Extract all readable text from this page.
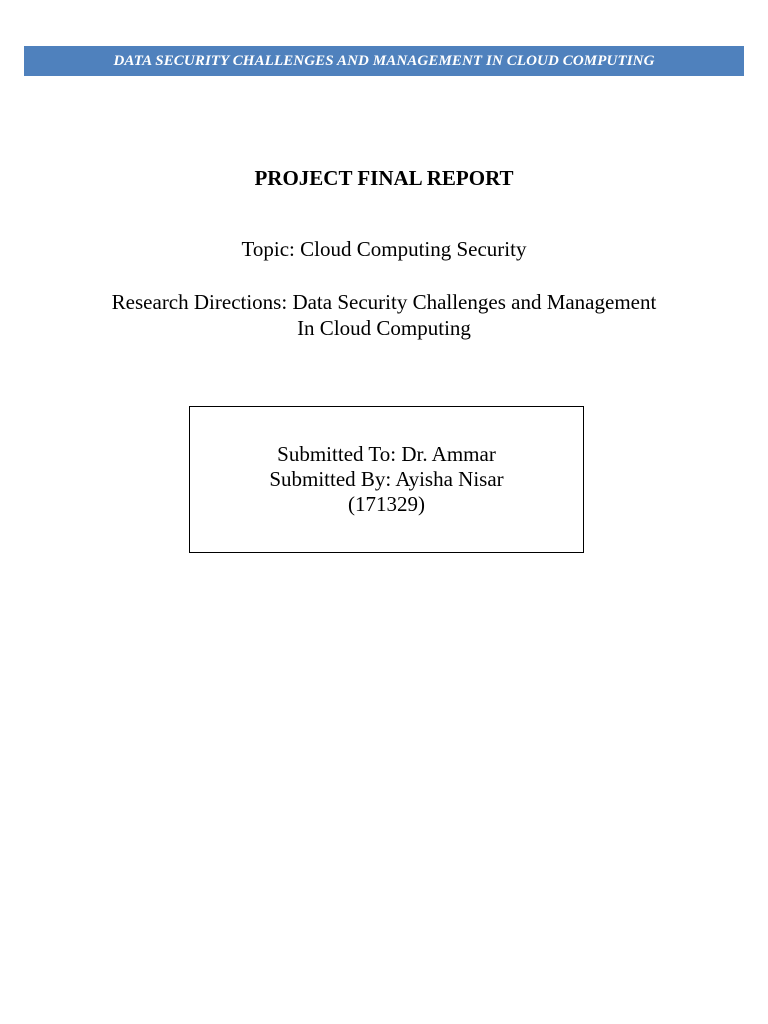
DATA SECURITY CHALLENGES AND MANAGEMENT IN CLOUD COMPUTING
PROJECT FINAL REPORT
Topic: Cloud Computing Security
Research Directions: Data Security Challenges and Management
In Cloud Computing
Submitted To: Dr. Ammar
Submitted By: Ayisha Nisar
(171329)
